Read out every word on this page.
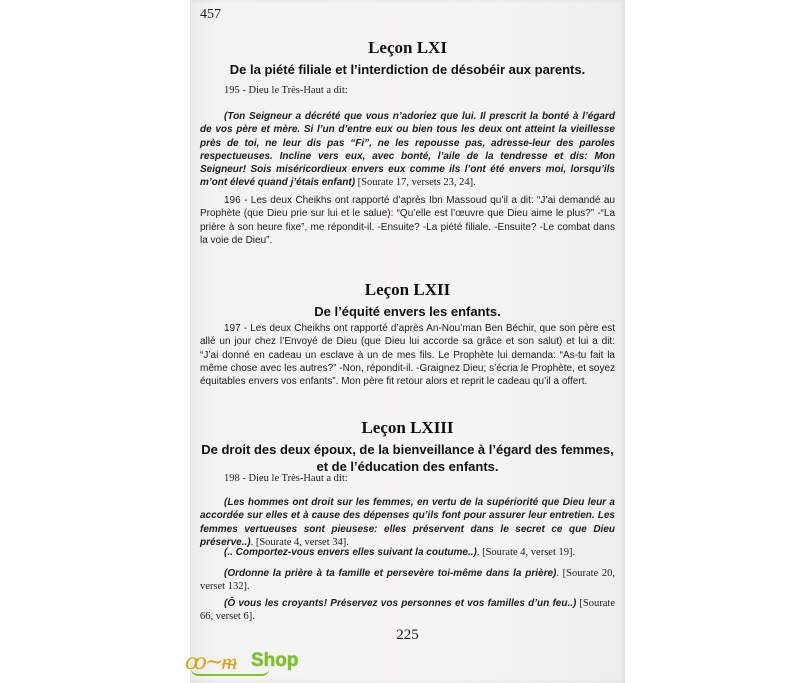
457
Leçon LXI
De la piété filiale et l’interdiction de désobéir aux parents.
195 - Dieu le Très-Haut a dit:

(Ton Seigneur a décrété que vous n’adoriez que lui. Il prescrit la bonté à l’égard de vos père et mère. Si l’un d’entre eux ou bien tous les deux ont atteint la vieillesse près de toi, ne leur dis pas “Fi”, ne les repousse pas, adresse-leur des paroles respectueuses. Incline vers eux, avec bonté, l’aile de la tendresse et dis: Mon Seigneur! Sois miséricordieux envers eux comme ils l’ont été envers moi, lorsqu’ils m’ont élevé quand j’étais enfant) [Sourate 17, versets 23, 24].

196 - Les deux Cheikhs ont rapporté d’après Ibn Massoud qu’il a dit: “J’ai demandé au Prophète (que Dieu prie sur lui et le salue): “Qu’elle est l’œuvre que Dieu aime le plus?” -“La prière à son heure fixe”, me répondit-il. -Ensuite? -La piété filiale. -Ensuite? -Le combat dans la voie de Dieu”.

Leçon LXII
De l’équité envers les enfants.

197 - Les deux Cheikhs ont rapporté d’après An-Nou’man Ben Béchir, que son père est allé un jour chez l’Envoyé de Dieu (que Dieu lui accorde sa grâce et son salut) et lui a dit: “J’ai donné en cadeau un esclave à un de mes fils. Le Prophète lui demanda: “As-tu fait la même chose avec les autres?” -Non, répondit-il. -Graignez Dieu; s’écria le Prophète, et soyez équitables envers vos enfants”. Mon père fit retour alors et reprit le cadeau qu’il a offert.

Leçon LXIII
De droit des deux époux, de la bienveillance à l’égard des femmes, et de l’éducation des enfants.
198 - Dieu le Très-Haut a dit:

(Les hommes ont droit sur les femmes, en vertu de la supériorité que Dieu leur a accordée sur elles et à cause des dépenses qu’ils font pour assurer leur entretien. Les femmes vertueuses sont pieusese: elles préservent dans le secret ce que Dieu préserve..). [Sourate 4, verset 34].

(.. Comportez-vous envers elles suivant la coutume..). [Sourate 4, verset 19].

(Ordonne la prière à ta famille et persevère toi-même dans la prière). [Sourate 20, verset 132].

(Ô vous les croyants! Préservez vos personnes et vos familles d’un feu..) [Sourate 66, verset 6].

225
ꝏ~ᵯ Shop
